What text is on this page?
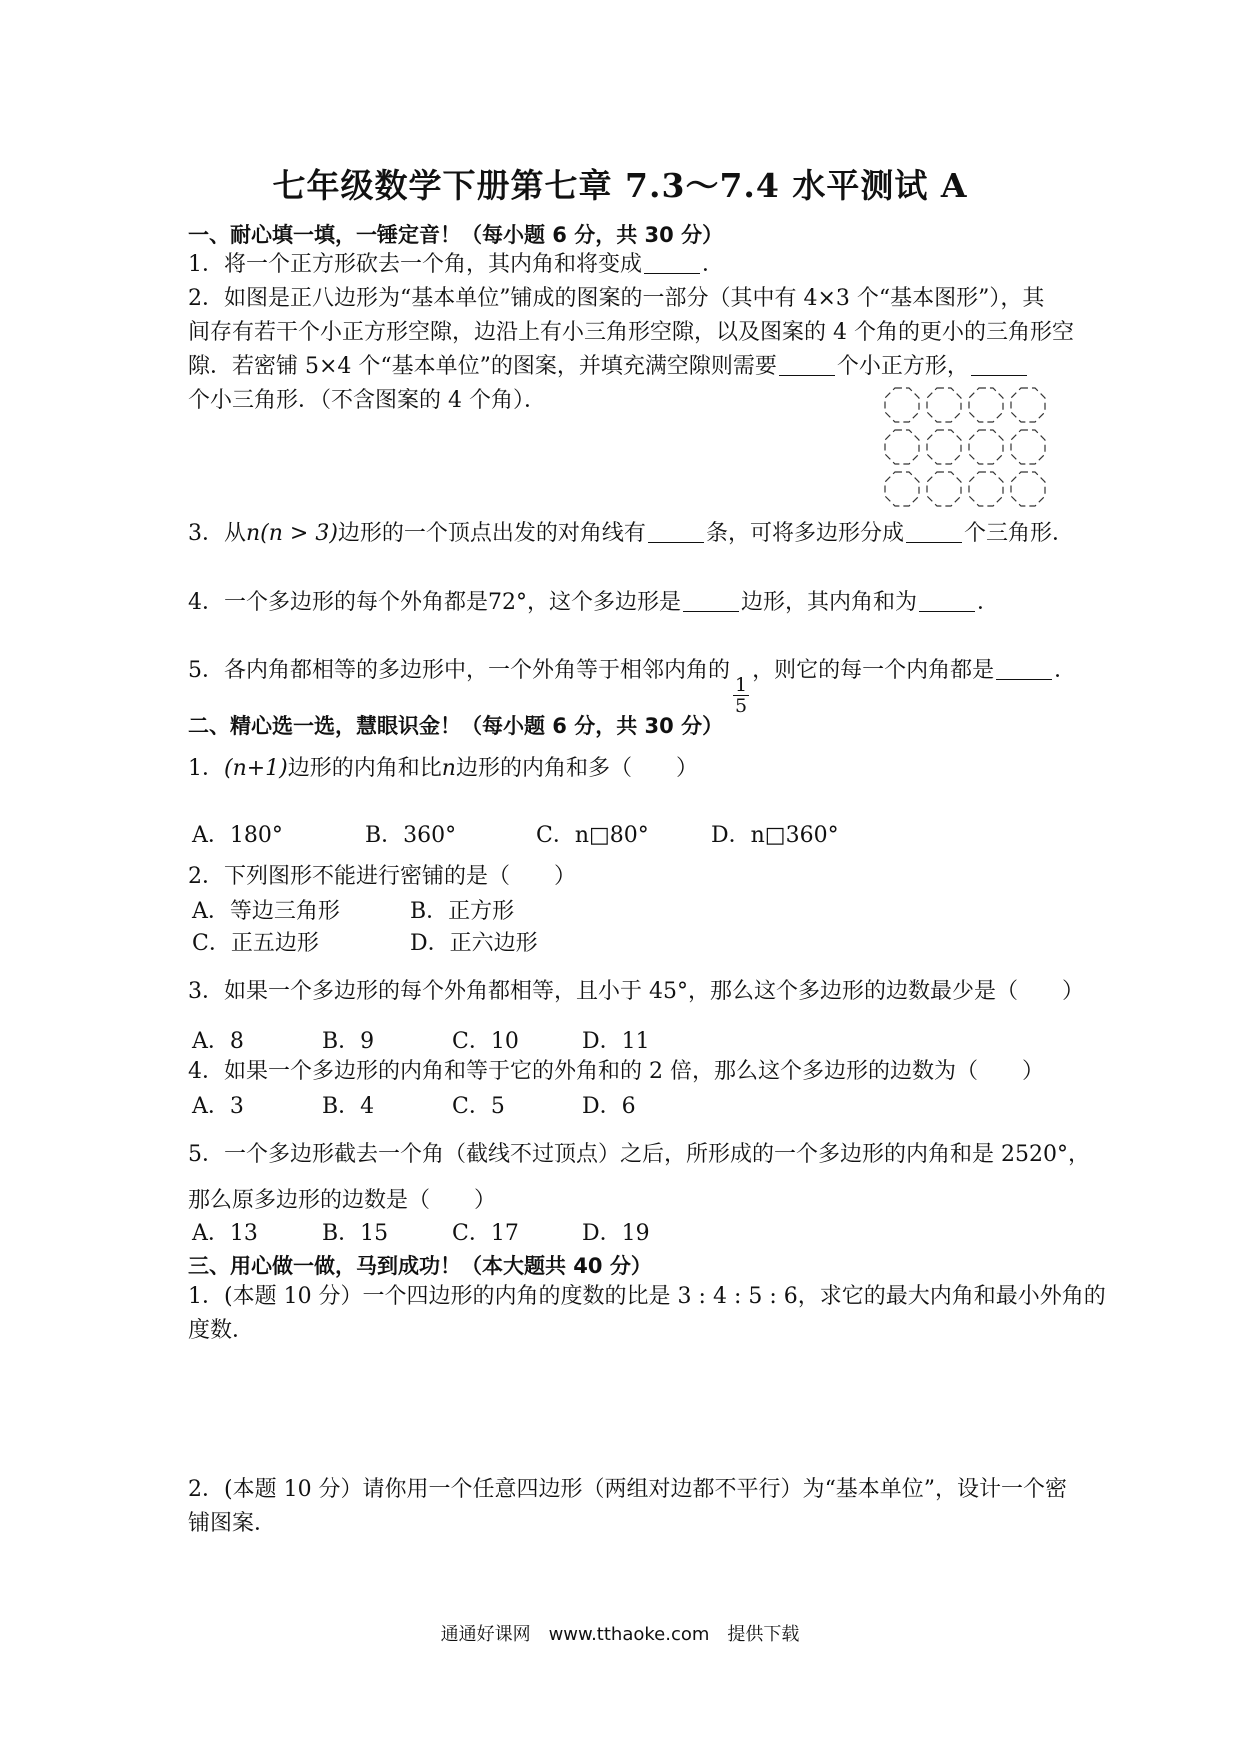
七年级数学下册第七章 7.3～7.4 水平测试 A
一、耐心填一填，一锤定音！（每小题 6 分，共 30 分）
1．将一个正方形砍去一个角，其内角和将变成	．
2．如图是正八边形为“基本单位”铺成的图案的一部分（其中有 4×3 个“基本图形”），其
间存有若干个小正方形空隙，边沿上有小三角形空隙，以及图案的 4 个角的更小的三角形空
隙．若密铺 5×4 个“基本单位”的图案，并填充满空隙则需要	个小正方形，
个小三角形．（不含图案的 4 个角）．
3．从n(n > 3)边形的一个顶点出发的对角线有	条，可将多边形分成	个三角形．
4．一个多边形的每个外角都是72°，这个多边形是	边形，其内角和为	．
5．各内角都相等的多边形中，一个外角等于相邻内角的
$\frac{1}{5}$
，则它的每一个内角都是	．
二、精心选一选，慧眼识金！（每小题 6 分，共 30 分）
1．(n+1)边形的内角和比n边形的内角和多（　　）
A．180°	B．360°	C．n□80°	D．n□360°
2．下列图形不能进行密铺的是（　　）
A．等边三角形	B．正方形
C．正五边形	D．正六边形
3．如果一个多边形的每个外角都相等，且小于 45°，那么这个多边形的边数最少是（　　）
A．8	B．9	C．10	D．11
4．如果一个多边形的内角和等于它的外角和的 2 倍，那么这个多边形的边数为（　　）
A．3	B．4	C．5	D．6
5．一个多边形截去一个角（截线不过顶点）之后，所形成的一个多边形的内角和是 2520°，
那么原多边形的边数是（　　）
A．13	B．15	C．17	D．19
三、用心做一做，马到成功！（本大题共 40 分）
1．(本题 10 分）一个四边形的内角的度数的比是 3 : 4 : 5 : 6，求它的最大内角和最小外角的
度数．
2．(本题 10 分）请你用一个任意四边形（两组对边都不平行）为“基本单位”，设计一个密
铺图案．
通通好课网　www.tthaoke.com　提供下载
